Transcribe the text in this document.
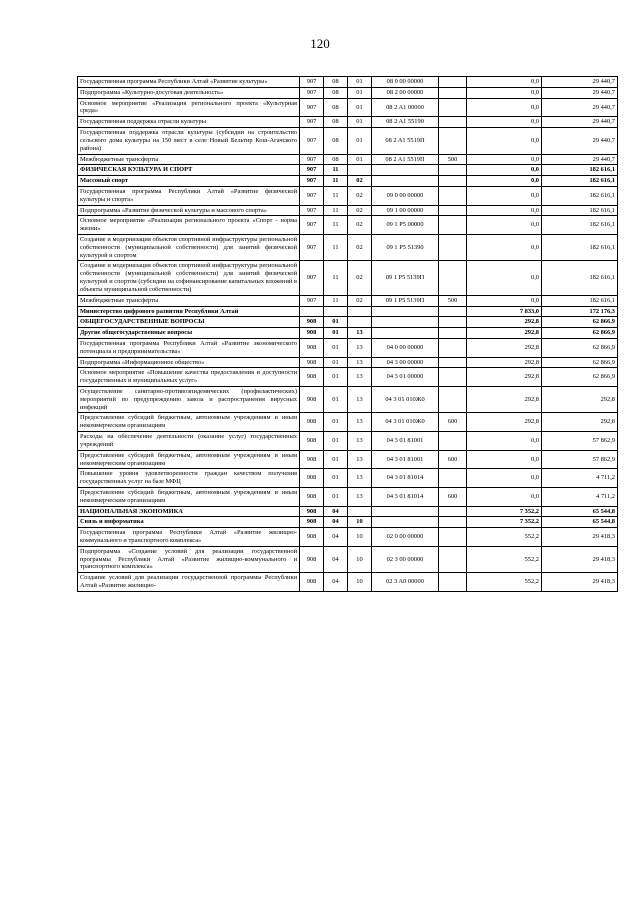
120
Государственная программа Республики Алтай «Развитие культуры»	907	08	01	08 0 00 00000		0,0	29 440,7
Подпрограмма «Культурно-досуговая деятельность»	907	08	01	08 2 00 00000		0,0	29 440,7
Основное мероприятие «Реализация регионального проекта «Культурная среда»	907	08	01	08 2 A1 00000		0,0	29 440,7
Государственная поддержка отрасли культуры	907	08	01	08 2 A1 55190		0,0	29 440,7
Государственная поддержка отрасли культуры (субсидии на строительство сельского дома культуры на 150 мест в селе Новый Бельтир Кош-Агачского района)	907	08	01	08 2 A1 5519П		0,0	29 440,7
Межбюджетные трансферты	907	08	01	08 2 A1 5519П	500	0,0	29 440,7
ФИЗИЧЕСКАЯ КУЛЬТУРА И СПОРТ	907	11				0,0	182 616,1
Массовый спорт	907	11	02			0,0	182 616,1
Государственная программа Республики Алтай «Развитие физической культуры и спорта»	907	11	02	09 0 00 00000		0,0	182 616,1
Подпрограмма «Развитие физической культуры и массового спорта»	907	11	02	09 1 00 00000		0,0	182 616,1
Основное мероприятие «Реализация регионального проекта «Спорт - норма жизни»	907	11	02	09 1 P5 00000		0,0	182 616,1
Создание и модернизация объектов спортивной инфраструктуры региональной собственности (муниципальной собственности) для занятий физической культурой и спортом	907	11	02	09 1 P5 51390		0,0	182 616,1
Создание и модернизация объектов спортивной инфраструктуры региональной собственности (муниципальной собственности) для занятий физической культурой и спортом (субсидии на софинансирование капитальных вложений в объекты муниципальной собственности)	907	11	02	09 1 P5 5139П		0,0	182 616,1
Межбюджетные трансферты	907	11	02	09 1 P5 5139П	500	0,0	182 616,1
Министерство цифрового развития Республики Алтай						7 833,0	172 176,3
ОБЩЕГОСУДАРСТВЕННЫЕ ВОПРОСЫ	908	01				292,8	62 866,9
Другие общегосударственные вопросы	908	01	13			292,8	62 866,9
Государственная программа Республики Алтай «Развитие экономического потенциала и предпринимательства»	908	01	13	04 0 00 00000		292,8	62 866,9
Подпрограмма «Информационное общество»	908	01	13	04 3 00 00000		292,8	62 866,9
Основное мероприятие «Повышение качества предоставления и доступности государственных и муниципальных услуг»	908	01	13	04 3 01 00000		292,8	62 866,9
Осуществление санитарно-противоэпидемических (профилактических) мероприятий по предупреждению завоза и распространения вирусных инфекций	908	01	13	04 3 01 010Ж0		292,8	292,8
Предоставление субсидий бюджетным, автономным учреждениям и иным некоммерческим организациям	908	01	13	04 3 01 010Ж0	600	292,8	292,8
Расходы на обеспечение деятельности (оказание услуг) государственных учреждений	908	01	13	04 3 01 81001		0,0	57 862,9
Предоставление субсидий бюджетным, автономным учреждениям и иным некоммерческим организациям	908	01	13	04 3 01 81001	600	0,0	57 862,9
Повышение уровня удовлетворенности граждан качеством получения государственных услуг на базе МФЦ	908	01	13	04 3 01 81014		0,0	4 711,2
Предоставление субсидий бюджетным, автономным учреждениям и иным некоммерческим организациям	908	01	13	04 3 01 81014	600	0,0	4 711,2
НАЦИОНАЛЬНАЯ ЭКОНОМИКА	908	04				7 352,2	65 544,8
Связь и информатика	908	04	10			7 352,2	65 544,8
Государственная программа Республики Алтай «Развитие жилищно-коммунального и транспортного комплекса»	908	04	10	02 0 00 00000		552,2	29 418,3
Подпрограмма «Создание условий для реализации государственной программы Республики Алтай «Развитие жилищно-коммунального и транспортного комплекса»	908	04	10	02 3 00 00000		552,2	29 418,3
Создание условий для реализации государственной программы Республики Алтай «Развитие жилищно-	908	04	10	02 3 A0 00000		552,2	29 418,3
